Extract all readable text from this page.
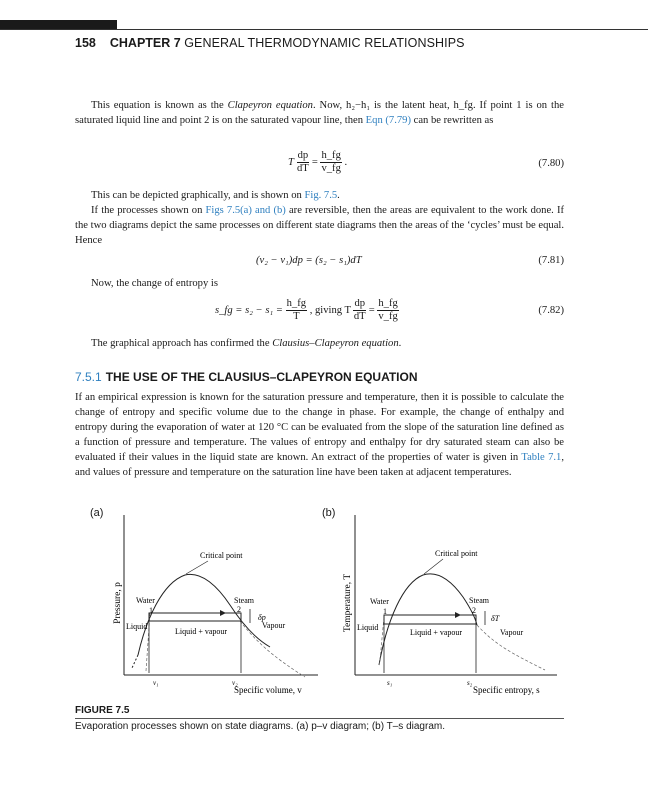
158 CHAPTER 7 GENERAL THERMODYNAMIC RELATIONSHIPS
This equation is known as the Clapeyron equation. Now, h₂−h₁ is the latent heat, h_fg. If point 1 is on the saturated liquid line and point 2 is on the saturated vapour line, then Eqn (7.79) can be rewritten as
T $\frac{dp}{dT} = \frac{h\_fg}{v\_fg}$ .	(7.80)
This can be depicted graphically, and is shown on Fig. 7.5.
If the processes shown on Figs 7.5(a) and (b) are reversible, then the areas are equivalent to the work done. If the two diagrams depict the same processes on different state diagrams then the areas of the ‘cycles’ must be equal. Hence
(v₂ − v₁)dp = (s₂ − s₁)dT	(7.81)
Now, the change of entropy is
s_fg = $s_2 - s_1 = \frac{h\_fg}{T}$ , giving T $\frac{dp}{dT} = \frac{h\_fg}{v\_fg}$	(7.82)
The graphical approach has confirmed the Clausius–Clapeyron equation.
7.5.1 THE USE OF THE CLAUSIUS–CLAPEYRON EQUATION
If an empirical expression is known for the saturation pressure and temperature, then it is possible to calculate the change of entropy and specific volume due to the change in phase. For example, the change of enthalpy and entropy during the evaporation of water at 120 °C can be evaluated from the slope of the saturation line defined as a function of pressure and temperature. The values of entropy and enthalpy for dry saturated steam can also be evaluated if their values in the liquid state are known. An extract of the properties of water is given in Table 7.1, and values of pressure and temperature on the saturation line have been taken at adjacent temperatures.
(a)	(b)
Pressure, p
Critical point
Water
1
Steam
2
Liquid
Liquid + vapour
δp
Vapour
v₁	v₂
Specific volume, v
Temperature, T
Critical point
Water
1
Steam
2
Liquid
Liquid + vapour
δT
Vapour
s₁	s₂
Specific entropy, s
FIGURE 7.5
Evaporation processes shown on state diagrams. (a) p–v diagram; (b) T–s diagram.
